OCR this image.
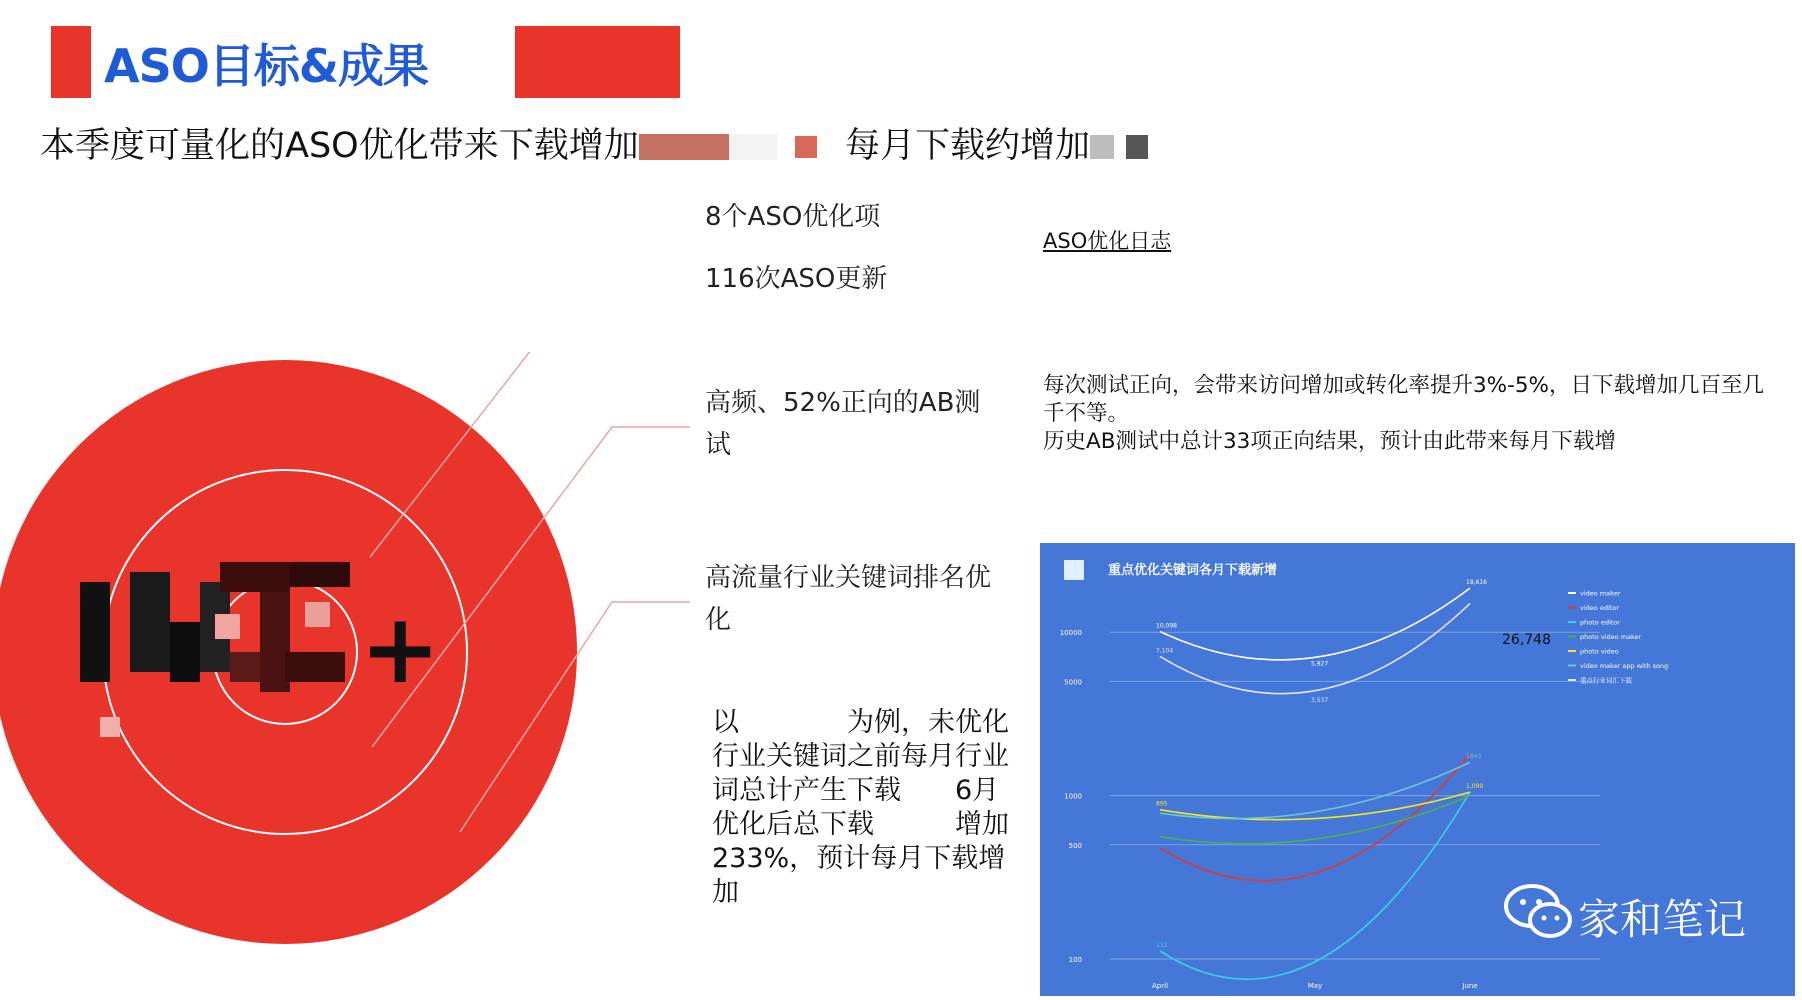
ASO目标&成果
本季度可量化的ASO优化带来下载增加	每月下载约增加
+
8个ASO优化项
116次ASO更新
高频、52%正向的AB测试
高流量行业关键词排名优化
以　　　　为例，未优化行业关键词之前每月行业词总计产生下载　　6月优化后总下载　　　增加233%，预计每月下载增加
ASO优化日志
每次测试正向，会带来访问增加或转化率提升3%-5%，日下载增加几百至几千不等。
历史AB测试中总计33项正向结果，预计由此带来每月下载增
重点优化关键词各月下载新增
10,098
5,927
18,616
112
895
1,099
1843
7,104
3,537
video maker
video editor
photo editor
photo video maker
photo video
video maker app with song
重点行业词汇下载
April	May	June
100
500
1000
5000
10000	26,748
家和笔记
